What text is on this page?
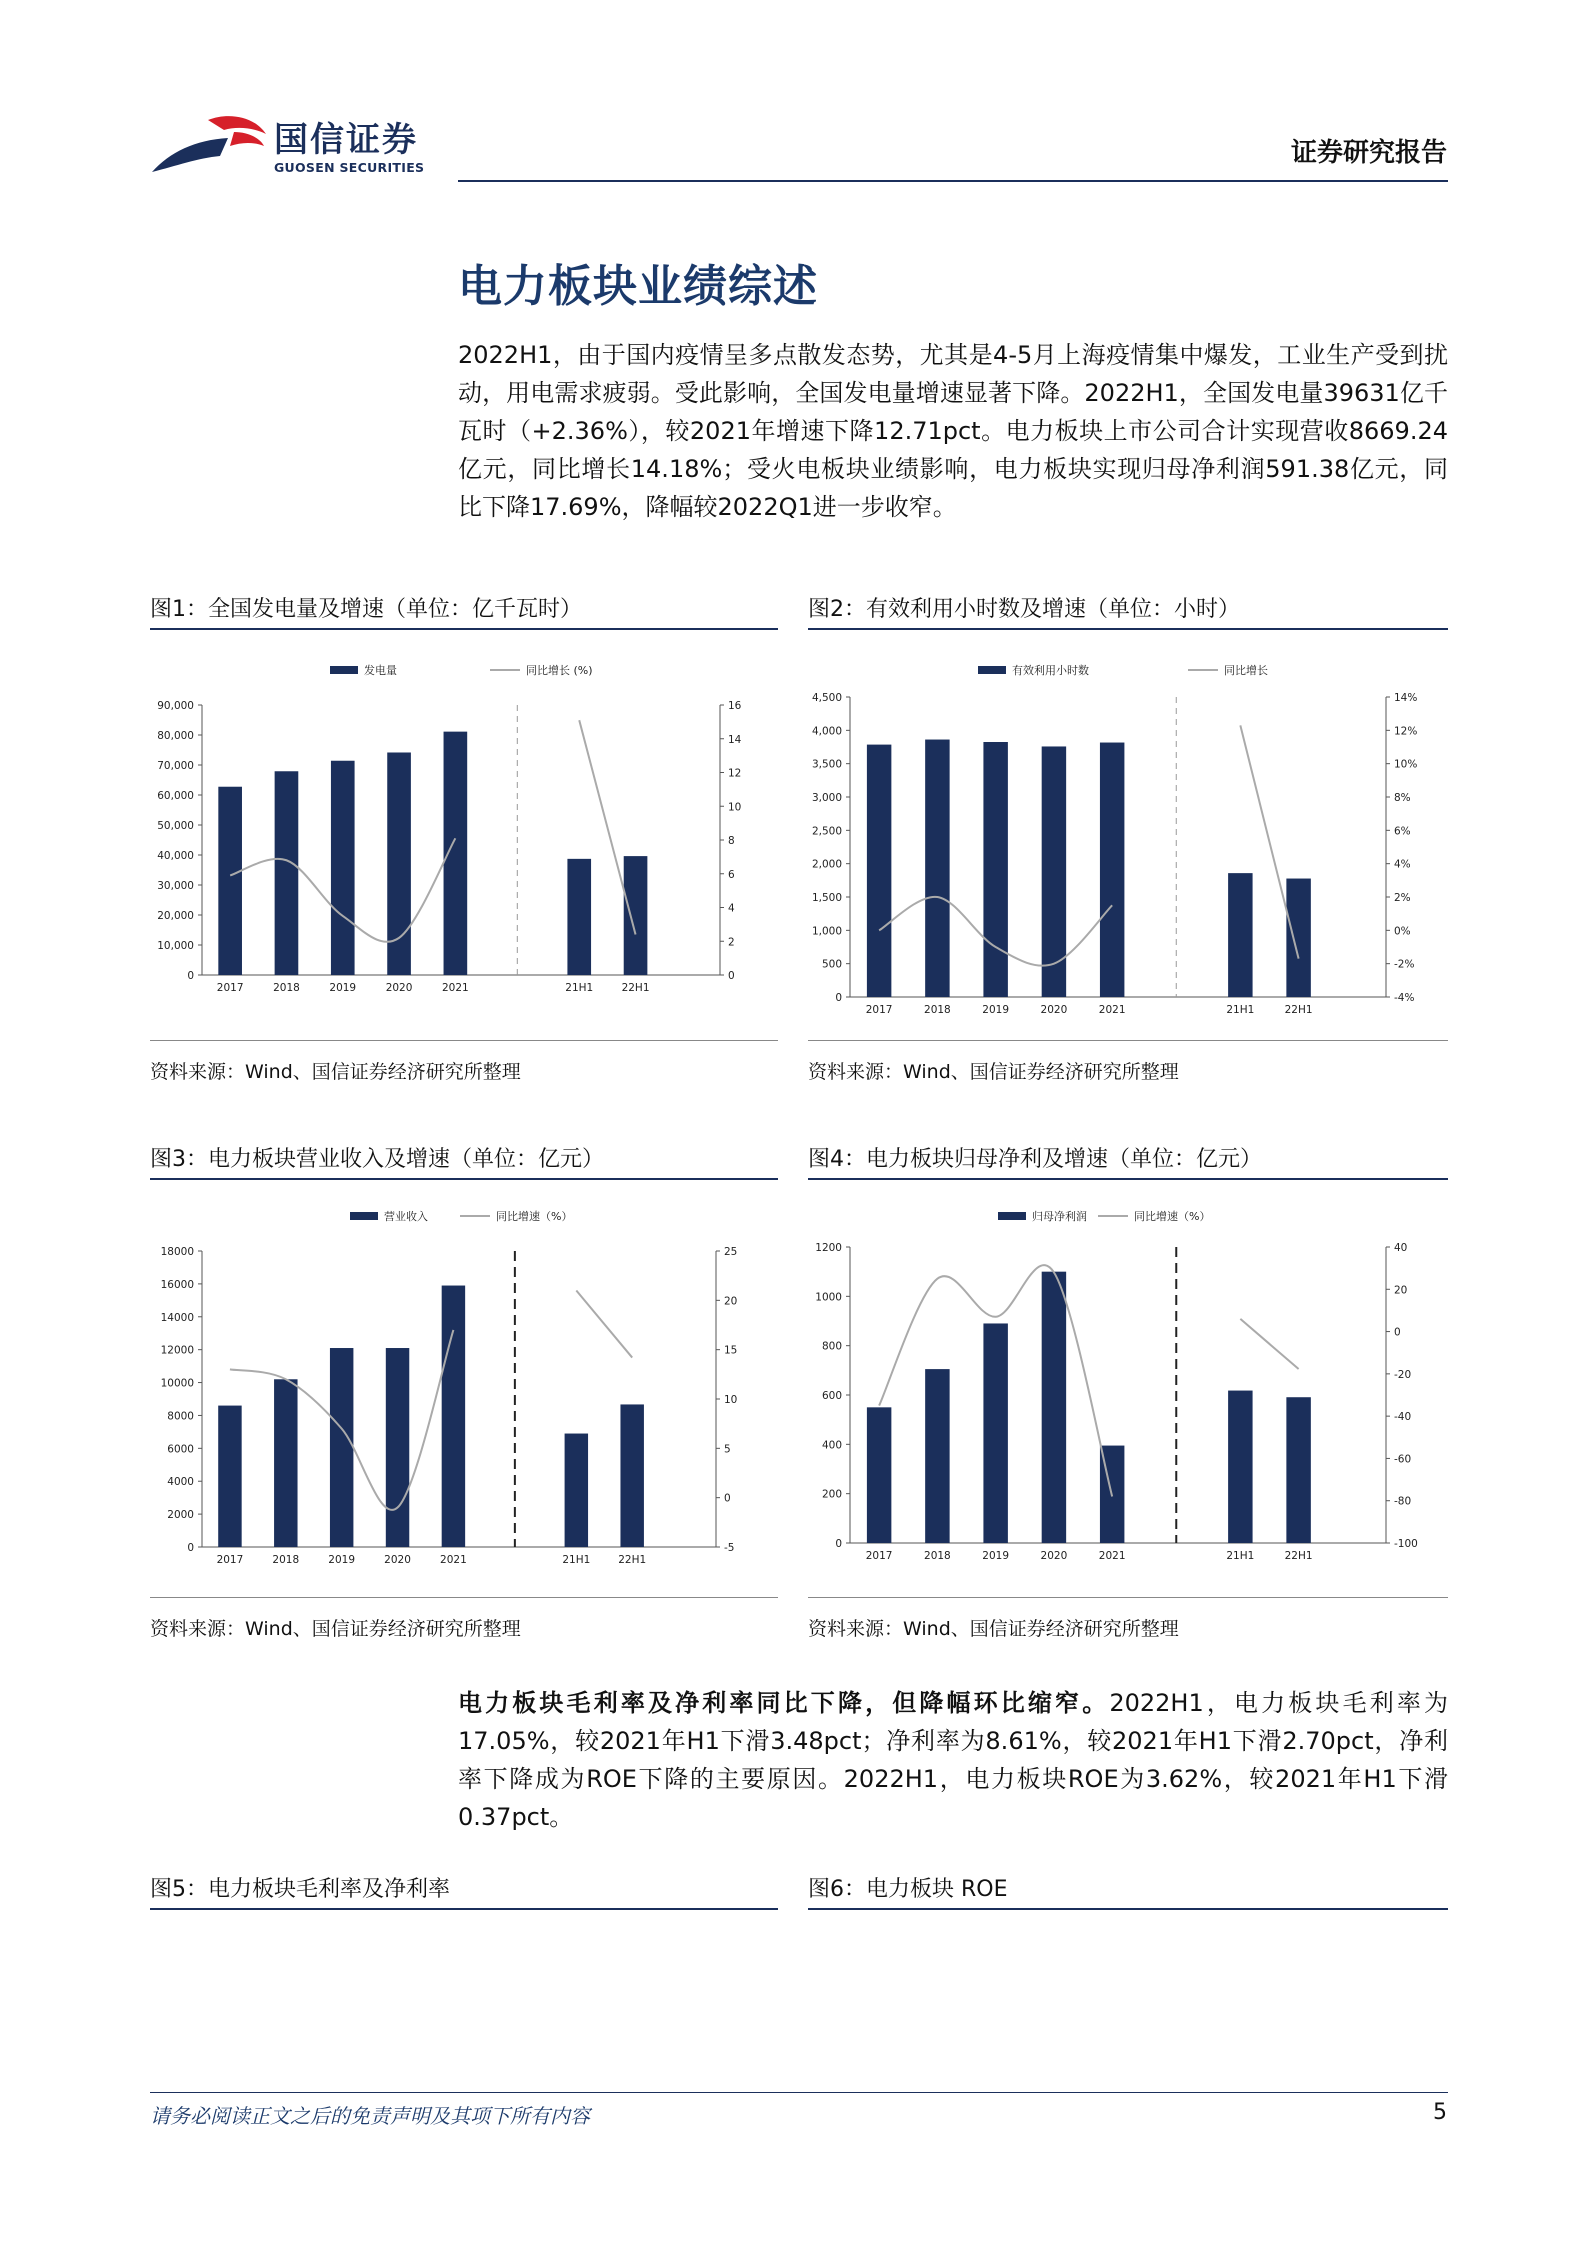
国信证券
GUOSEN SECURITIES	证券研究报告
电力板块业绩综述
2022H1，由于国内疫情呈多点散发态势，尤其是4-5月上海疫情集中爆发，工业生产受到扰动，用电需求疲弱。受此影响，全国发电量增速显著下降。2022H1，全国发电量39631亿千瓦时（+2.36%），较2021年增速下降12.71pct。电力板块上市公司合计实现营收8669.24亿元，同比增长14.18%；受火电板块业绩影响，电力板块实现归母净利润591.38亿元，同比下降17.69%，降幅较2022Q1进一步收窄。
图1：全国发电量及增速（单位：亿千瓦时）	图2：有效利用小时数及增速（单位：小时）
发电量	同比增长 (%)
0
10,000
20,000
30,000
40,000
50,000
60,000
70,000
80,000
90,000
0
2
4
6
8
10
12
14
16
2017	2018	2019	2020	2021	21H1	22H1
有效利用小时数	同比增长
0
500
1,000
1,500
2,000
2,500
3,000
3,500
4,000
4,500
-4%
-2%
0%
2%
4%
6%
8%
10%
12%
14%
2017	2018	2019	2020	2021	21H1	22H1
资料来源：Wind、国信证券经济研究所整理	资料来源：Wind、国信证券经济研究所整理
图3：电力板块营业收入及增速（单位：亿元）	图4：电力板块归母净利及增速（单位：亿元）
营业收入	同比增速（%）
0
2000
4000
6000
8000
10000
12000
14000
16000
18000
-5
0
5
10
15
20
25
2017	2018	2019	2020	2021	21H1	22H1
归母净利润	同比增速（%）
0
200
400
600
800
1000
1200
-100
-80
-60
-40
-20
0
20
40
2017	2018	2019	2020	2021	21H1	22H1
资料来源：Wind、国信证券经济研究所整理	资料来源：Wind、国信证券经济研究所整理
电力板块毛利率及净利率同比下降，但降幅环比缩窄。2022H1，电力板块毛利率为17.05%，较2021年H1下滑3.48pct；净利率为8.61%，较2021年H1下滑2.70pct，净利率下降成为ROE下降的主要原因。2022H1，电力板块ROE为3.62%，较2021年H1下滑0.37pct。
图5：电力板块毛利率及净利率	图6：电力板块 ROE
请务必阅读正文之后的免责声明及其项下所有内容	5
